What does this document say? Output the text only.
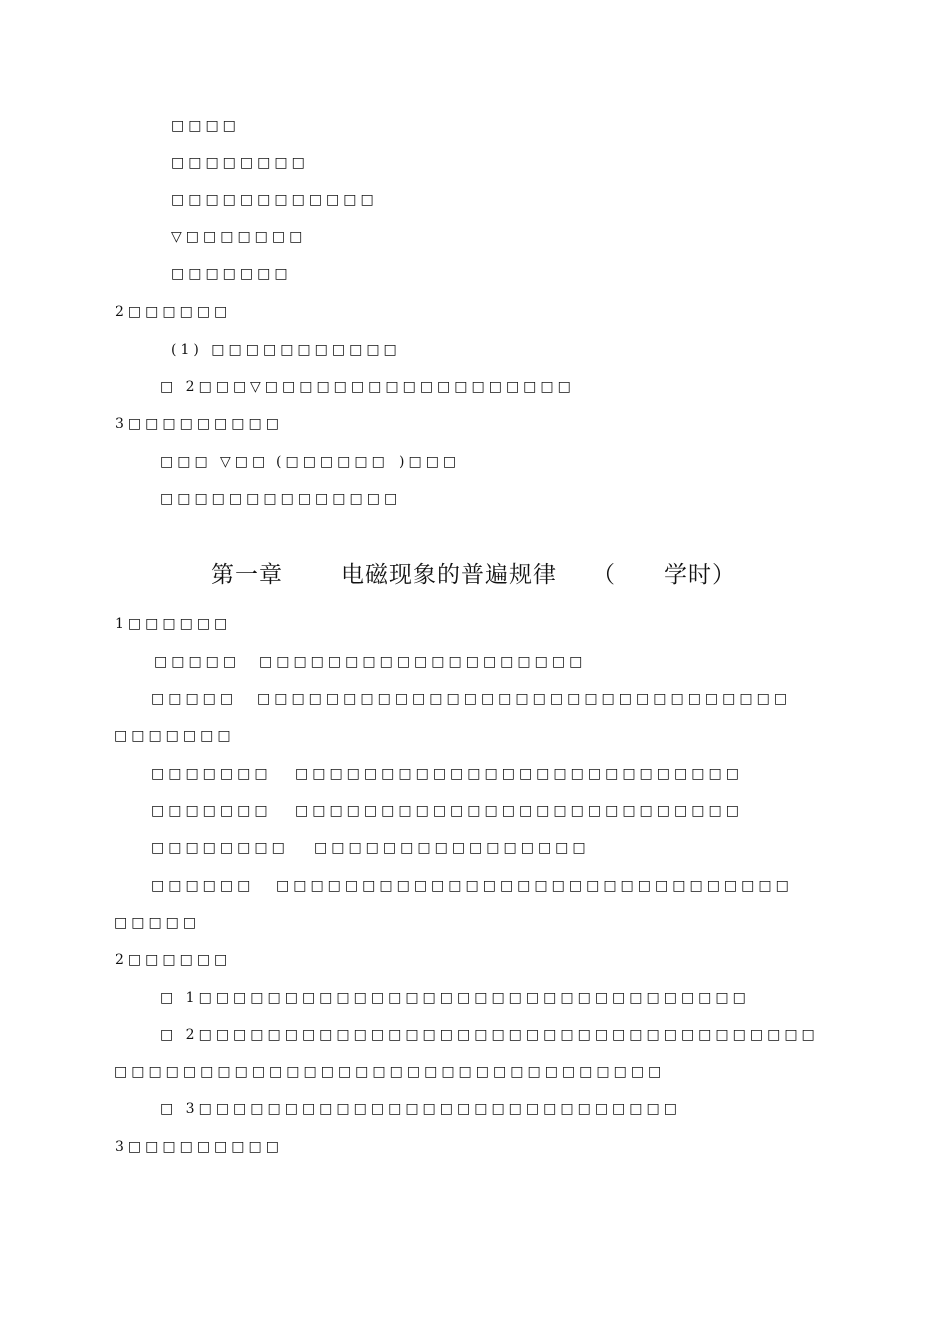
□□□□
□□□□□□□□
□□□□□□□□□□□□
▽□□□□□□□
□□□□□□□
2□□□□□□
(1) □□□□□□□□□□□

□ 2□□□

▽□□□□□□□□□□□□□□□□□□

3□□□□□□□□□

□□□

▽□□

(□□□□□□

)□□□

□□□□□□□□□□□□□□
第一章	电磁现象的普遍规律 （ 学时）
1□□□□□□

□□□□□

□□□□□□□□□□□□□□□□□□□

□□□□□

□□□□□□□□□□□□□□□□□□□□□□□□□□□□□□□

□□□□□□□

□□□□□□□

□□□□□□□□□□□□□□□□□□□□□□□□□□

□□□□□□□

□□□□□□□□□□□□□□□□□□□□□□□□□□

□□□□□□□□

□□□□□□□□□□□□□□□□

□□□□□□

□□□□□□□□□□□□□□□□□□□□□□□□□□□□□□

□□□□□
2□□□□□□
□ 1□□□□□□□□□□□□□□□□□□□□□□□□□□□□□□□□
□ 2□□□□□□□□□□□□□□□□□□□□□□□□□□□□□□□□□□□□
□□□□□□□□□□□□□□□□□□□□□□□□□□□□□□□□
□ 3□□□□□□□□□□□□□□□□□□□□□□□□□□□□
3□□□□□□□□□
